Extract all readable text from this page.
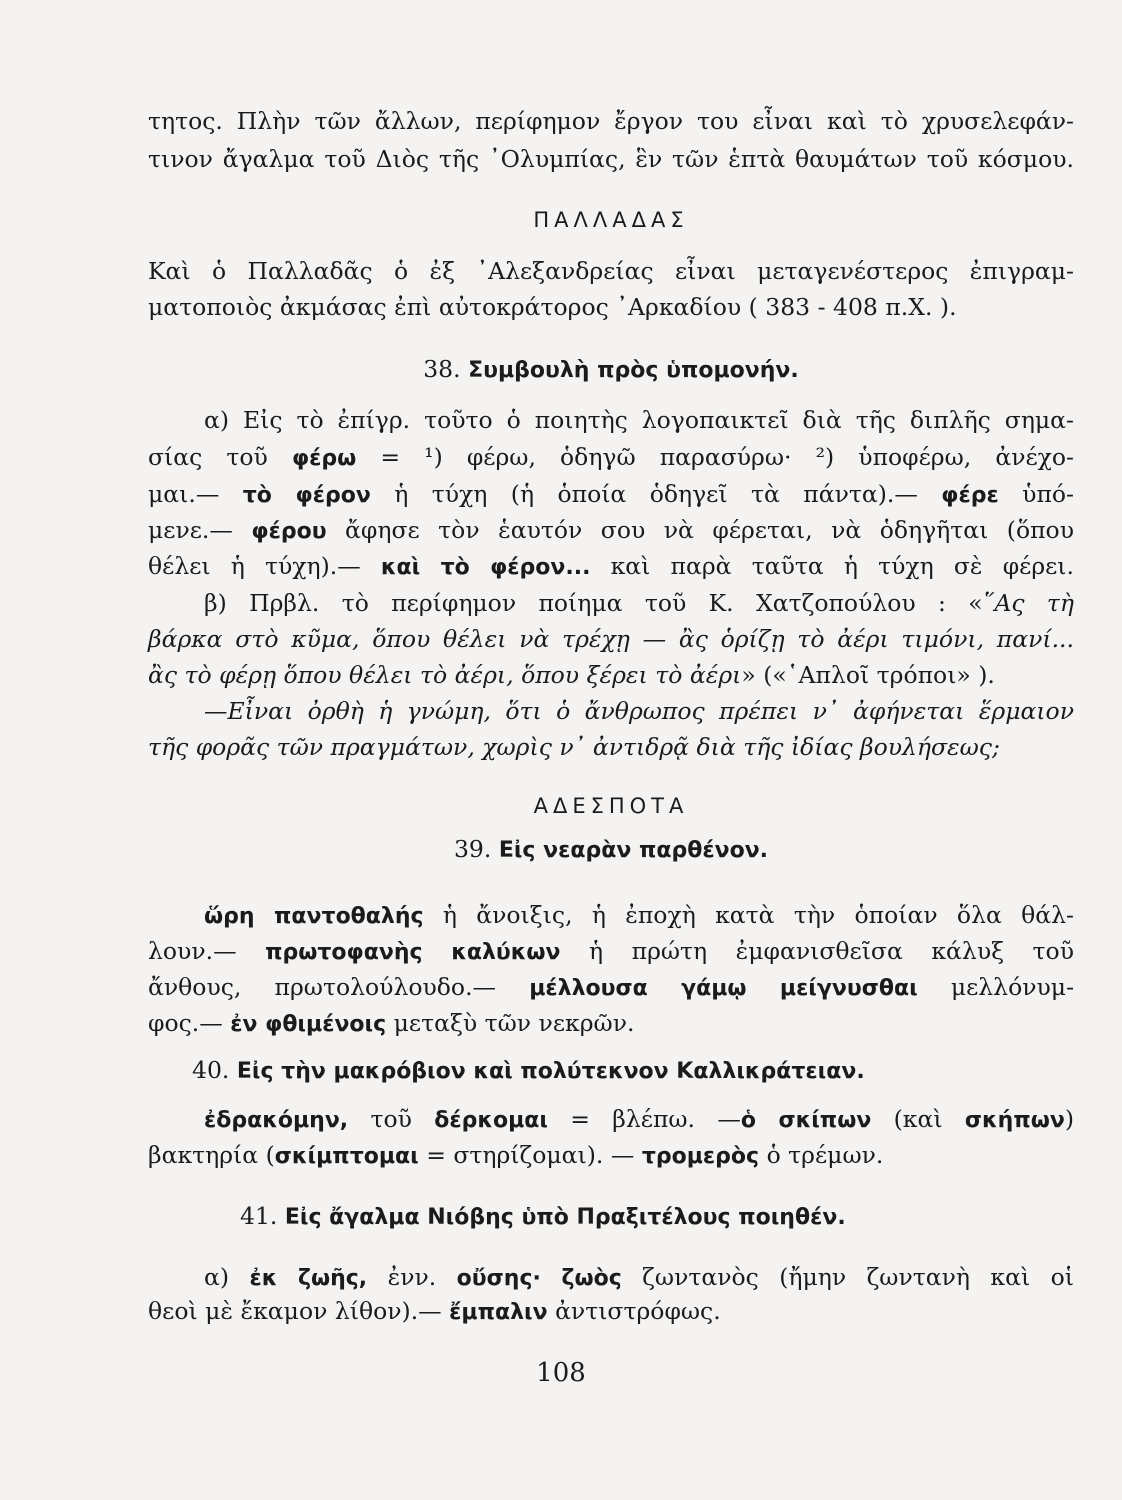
τητος. Πλὴν τῶν ἄλλων, περίφημον ἔργον του εἶναι καὶ τὸ χρυσελεφάν-
τινον ἄγαλμα τοῦ Διὸς τῆς ᾿Ολυμπίας, ἓν τῶν ἑπτὰ θαυμάτων τοῦ κόσμου.
ΠΑΛΛΑΔΑΣ
Καὶ ὁ Παλλαδᾶς ὁ ἐξ ᾿Αλεξανδρείας εἶναι μεταγενέστερος ἐπιγραμ-
ματοποιὸς ἀκμάσας ἐπὶ αὐτοκράτορος ᾿Αρκαδίου ( 383 - 408 π.Χ. ).
38. Συμβουλὴ πρὸς ὑπομονήν.
α) Εἰς τὸ ἐπίγρ. τοῦτο ὁ ποιητὴς λογοπαικτεῖ διὰ τῆς διπλῆς σημα-
σίας τοῦ φέρω = ¹) φέρω, ὁδηγῶ παρασύρω· ²) ὑποφέρω, ἀνέχο-
μαι.— τὸ φέρον ἡ τύχη (ἡ ὁποία ὁδηγεῖ τὰ πάντα).— φέρε ὑπό-
μενε.— φέρου ἄφησε τὸν ἑαυτόν σου νὰ φέρεται, νὰ ὁδηγῆται (ὅπου
θέλει ἡ τύχη).— καὶ τὸ φέρον... καὶ παρὰ ταῦτα ἡ τύχη σὲ φέρει.
β) Πρβλ. τὸ περίφημον ποίημα τοῦ Κ. Χατζοπούλου : «῞Ας τὴ
βάρκα στὸ κῦμα, ὅπου θέλει νὰ τρέχῃ — ἂς ὁρίζῃ τὸ ἀέρι τιμόνι, πανί...
ἂς τὸ φέρῃ ὅπου θέλει τὸ ἀέρι, ὅπου ξέρει τὸ ἀέρι» («῾Απλοῖ τρόποι» ).
—Εἶναι ὀρθὴ ἡ γνώμη, ὅτι ὁ ἄνθρωπος πρέπει ν᾿ ἀφήνεται ἕρμαιον
τῆς φορᾶς τῶν πραγμάτων, χωρὶς ν᾿ ἀντιδρᾷ διὰ τῆς ἰδίας βουλήσεως;
ΑΔΕΣΠΟΤΑ
39. Εἰς νεαρὰν παρθένον.
ὥρη παντοθαλής ἡ ἄνοιξις, ἡ ἐποχὴ κατὰ τὴν ὁποίαν ὅλα θάλ-
λουν.— πρωτοφανὴς καλύκων ἡ πρώτη ἐμφανισθεῖσα κάλυξ τοῦ
ἄνθους, πρωτολούλουδο.— μέλλουσα γάμῳ μείγνυσθαι μελλόνυμ-
φος.— ἐν φθιμένοις μεταξὺ τῶν νεκρῶν.
40. Εἰς τὴν μακρόβιον καὶ πολύτεκνον Καλλικράτειαν.
ἐδρακόμην, τοῦ δέρκομαι = βλέπω. —ὁ σκίπων (καὶ σκήπων)
βακτηρία (σκίμπτομαι = στηρίζομαι). — τρομερὸς ὁ τρέμων.
41. Εἰς ἄγαλμα Νιόβης ὑπὸ Πραξιτέλους ποιηθέν.
α) ἐκ ζωῆς, ἐνν. οὔσης· ζωὸς ζωντανὸς (ἤμην ζωντανὴ καὶ οἱ
θεοὶ μὲ ἔκαμον λίθον).— ἔμπαλιν ἀντιστρόφως.
108
